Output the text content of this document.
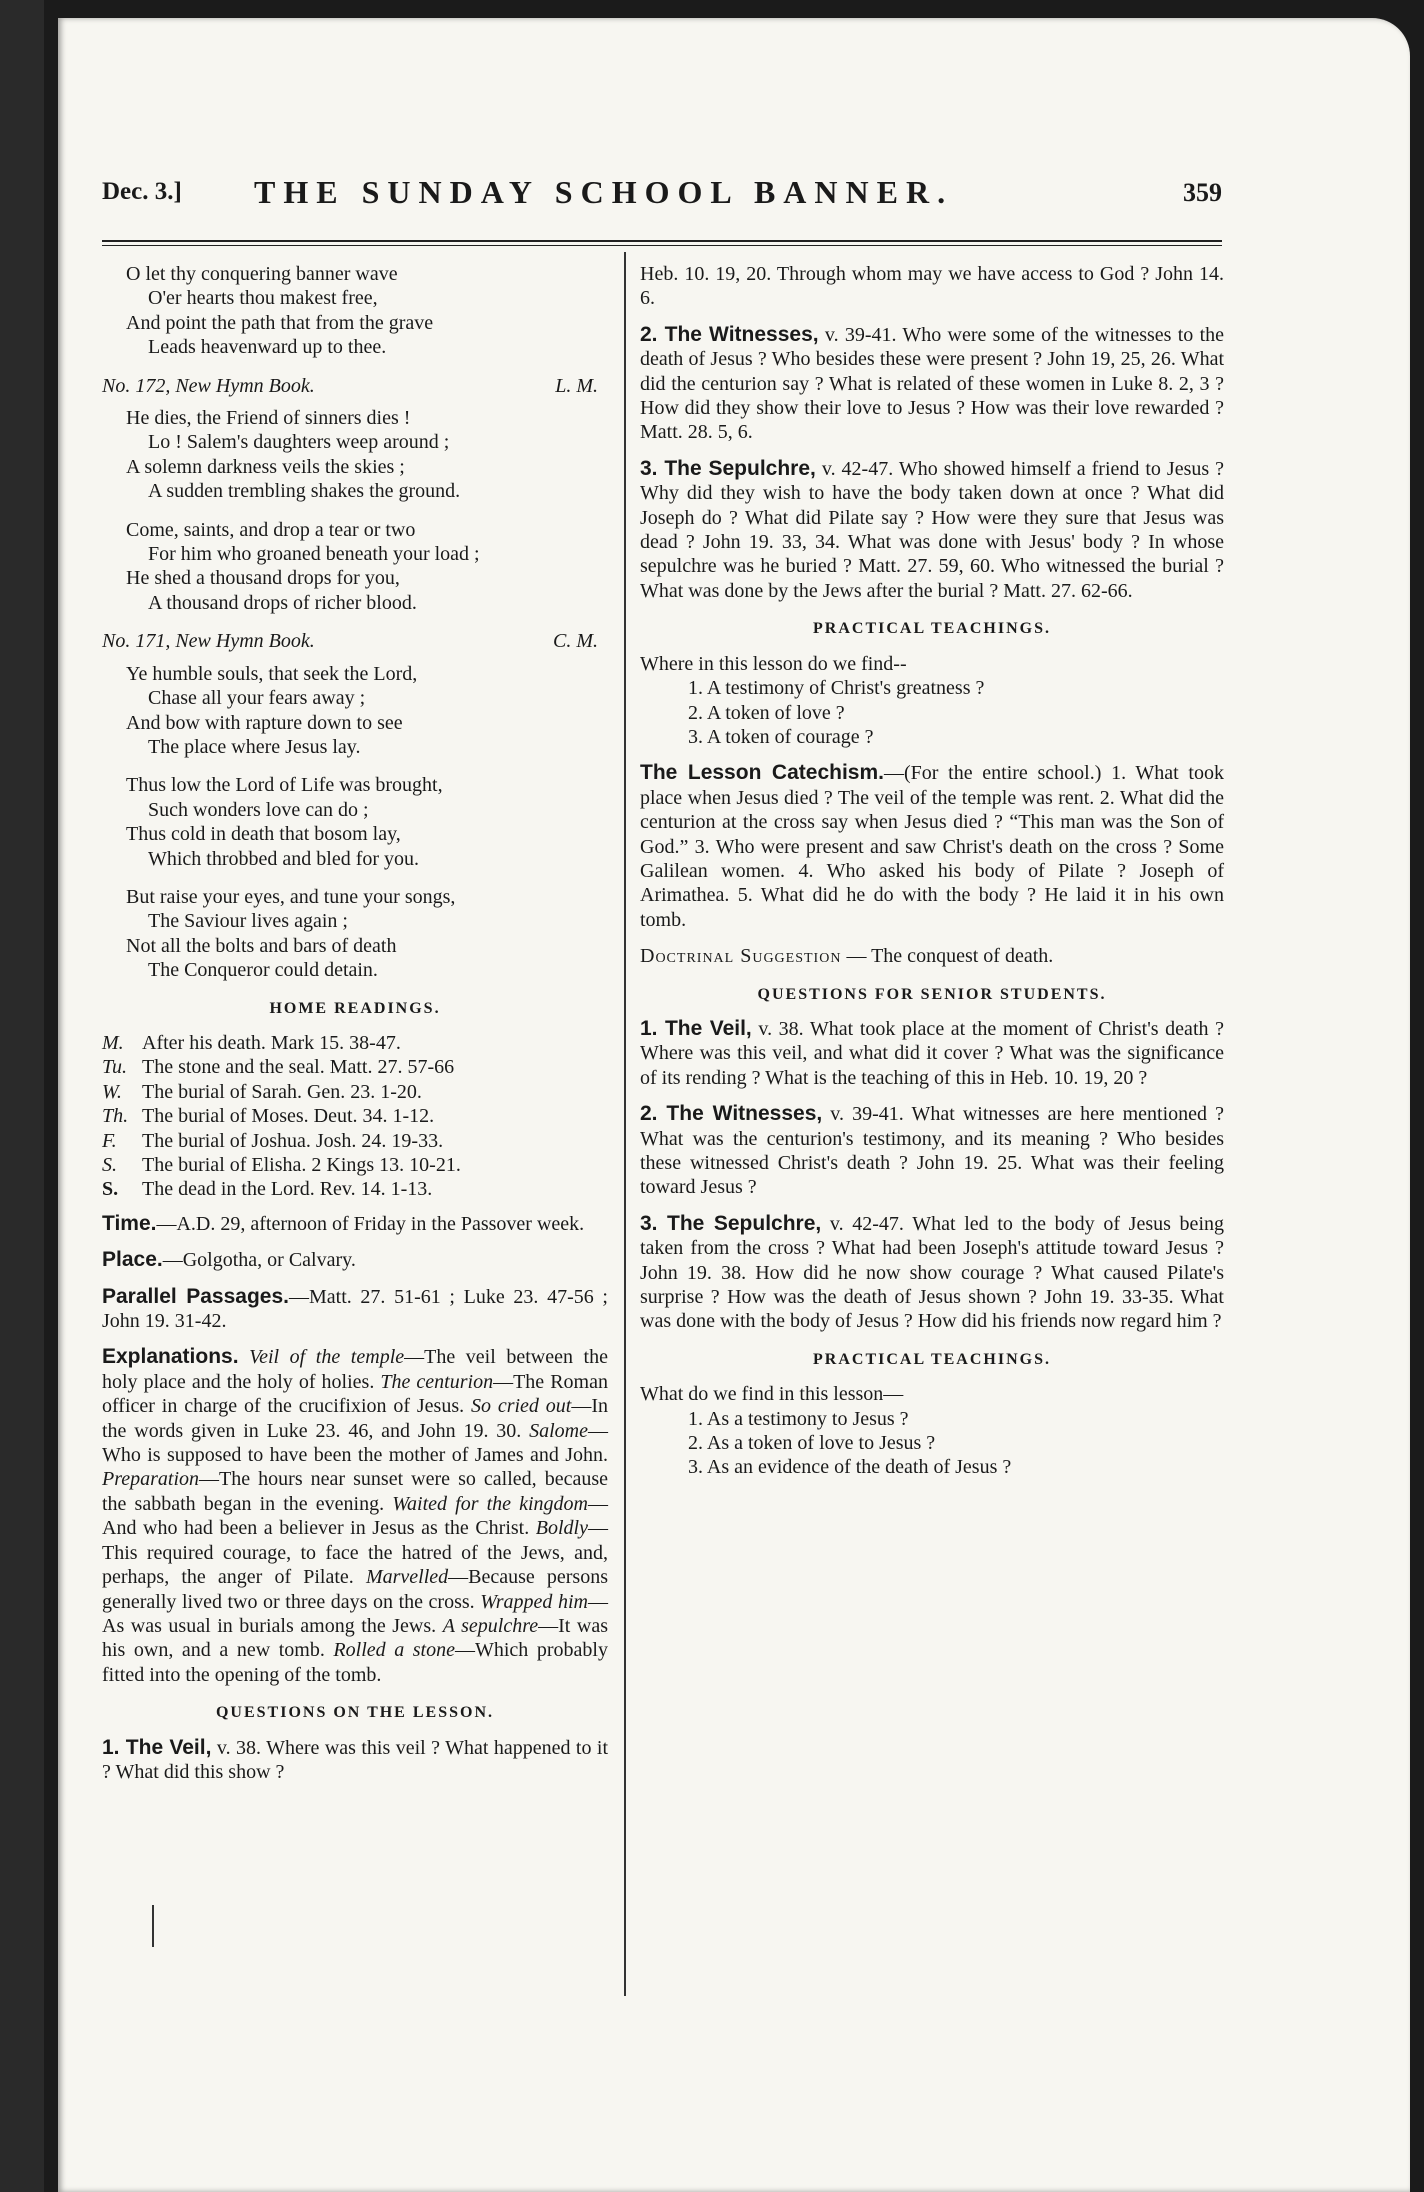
Dec. 3.] THE SUNDAY SCHOOL BANNER.	359
O let thy conquering banner wave
O'er hearts thou makest free,
And point the path that from the grave
Leads heavenward up to thee.
No. 172, New Hymn Book.	L. M.
He dies, the Friend of sinners dies !
Lo ! Salem's daughters weep around ;
A solemn darkness veils the skies ;
A sudden trembling shakes the ground.
Come, saints, and drop a tear or two
For him who groaned beneath your load ;
He shed a thousand drops for you,
A thousand drops of richer blood.
No. 171, New Hymn Book.	C. M.
Ye humble souls, that seek the Lord,
Chase all your fears away ;
And bow with rapture down to see
The place where Jesus lay.
Thus low the Lord of Life was brought,
Such wonders love can do ;
Thus cold in death that bosom lay,
Which throbbed and bled for you.
But raise your eyes, and tune your songs,
The Saviour lives again ;
Not all the bolts and bars of death
The Conqueror could detain.
HOME READINGS.
M. After his death. Mark 15. 38-47.
Tu. The stone and the seal. Matt. 27. 57-66
W.	The burial of Sarah. Gen. 23. 1-20.
Th. The burial of Moses. Deut. 34. 1-12.
F.	The burial of Joshua. Josh. 24. 19-33.
S.	The burial of Elisha. 2 Kings 13. 10-21.
S.	The dead in the Lord. Rev. 14. 1-13.

Time.—A.D. 29, afternoon of Friday in the Passover week.

Place.—Golgotha, or Calvary.

Parallel Passages.—Matt. 27. 51-61 ; Luke 23. 47-56 ; John 19. 31-42.

Explanations. Veil of the temple—The veil between the holy place and the holy of holies. The centurion—The Roman officer in charge of the crucifixion of Jesus. So cried out—In the words given in Luke 23. 46, and John 19. 30. Salome—Who is supposed to have been the mother of James and John. Preparation—The hours near sunset were so called, because the sabbath began in the evening. Waited for the kingdom—And who had been a believer in Jesus as the Christ. Boldly—This required courage, to face the hatred of the Jews, and, perhaps, the anger of Pilate. Marvelled—Because persons generally lived two or three days on the cross. Wrapped him—As was usual in burials among the Jews. A sepulchre—It was his own, and a new tomb. Rolled a stone—Which probably fitted into the opening of the tomb.

QUESTIONS ON THE LESSON.

1. The Veil, v. 38. Where was this veil ? What happened to it ? What did this show ?

Heb. 10. 19, 20. Through whom may we have access to God ? John 14. 6.

2. The Witnesses, v. 39-41. Who were some of the witnesses to the death of Jesus ? Who besides these were present ? John 19, 25, 26. What did the centurion say ? What is related of these women in Luke 8. 2, 3 ? How did they show their love to Jesus ? How was their love rewarded ? Matt. 28. 5, 6.

3. The Sepulchre, v. 42-47. Who showed himself a friend to Jesus ? Why did they wish to have the body taken down at once ? What did Joseph do ? What did Pilate say ? How were they sure that Jesus was dead ? John 19. 33, 34. What was done with Jesus' body ? In whose sepulchre was he buried ? Matt. 27. 59, 60. Who witnessed the burial ? What was done by the Jews after the burial ? Matt. 27. 62-66.

PRACTICAL TEACHINGS.
Where in this lesson do we find--
1. A testimony of Christ's greatness ?
2. A token of love ?
3. A token of courage ?

The Lesson Catechism.—(For the entire school.) 1. What took place when Jesus died ? The veil of the temple was rent. 2. What did the centurion at the cross say when Jesus died ? “This man was the Son of God.” 3. Who were present and saw Christ's death on the cross ? Some Galilean women. 4. Who asked his body of Pilate ? Joseph of Arimathea. 5. What did he do with the body ? He laid it in his own tomb.

Doctrinal Suggestion — The conquest of death.

QUESTIONS FOR SENIOR STUDENTS.

1. The Veil, v. 38. What took place at the moment of Christ's death ? Where was this veil, and what did it cover ? What was the significance of its rending ? What is the teaching of this in Heb. 10. 19, 20 ?

2. The Witnesses, v. 39-41. What witnesses are here mentioned ? What was the centurion's testimony, and its meaning ? Who besides these witnessed Christ's death ? John 19. 25. What was their feeling toward Jesus ?

3. The Sepulchre, v. 42-47. What led to the body of Jesus being taken from the cross ? What had been Joseph's attitude toward Jesus ? John 19. 38. How did he now show courage ? What caused Pilate's surprise ? How was the death of Jesus shown ? John 19. 33-35. What was done with the body of Jesus ? How did his friends now regard him ?

PRACTICAL TEACHINGS.
What do we find in this lesson—
1. As a testimony to Jesus ?
2. As a token of love to Jesus ?
3. As an evidence of the death of Jesus ?
